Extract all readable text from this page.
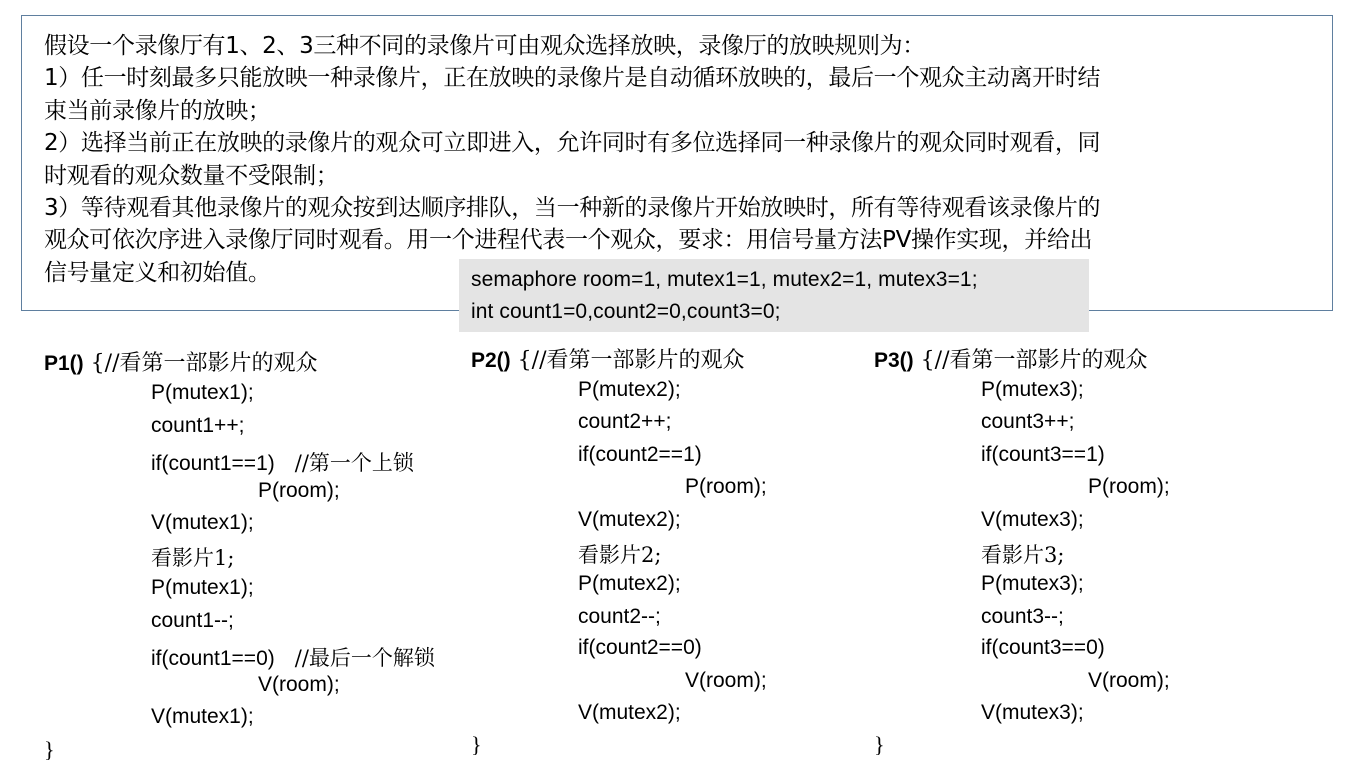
假设一个录像厅有1、2、3三种不同的录像片可由观众选择放映，录像厅的放映规则为：
1）任一时刻最多只能放映一种录像片，正在放映的录像片是自动循环放映的，最后一个观众主动离开时结
束当前录像片的放映；
2）选择当前正在放映的录像片的观众可立即进入，允许同时有多位选择同一种录像片的观众同时观看，同
时观看的观众数量不受限制；
3）等待观看其他录像片的观众按到达顺序排队，当一种新的录像片开始放映时，所有等待观看该录像片的
观众可依次序进入录像厅同时观看。用一个进程代表一个观众，要求：用信号量方法PV操作实现，并给出
信号量定义和初始值。	semaphore room=1, mutex1=1, mutex2=1, mutex3=1;
int count1=0,count2=0,count3=0;
P1() {//看第一部影片的观众
P(mutex1);
count1++;
if(count1==1) //第一个上锁
P(room);
V(mutex1);
看影片1;
P(mutex1);
count1--;
if(count1==0) //最后一个解锁
V(room);
V(mutex1);
}
P2() {//看第一部影片的观众
P(mutex2);
count2++;
if(count2==1)
P(room);
V(mutex2);
看影片2;
P(mutex2);
count2--;
if(count2==0)
V(room);
V(mutex2);
}
P3() {//看第一部影片的观众
P(mutex3);
count3++;
if(count3==1)
P(room);
V(mutex3);
看影片3;
P(mutex3);
count3--;
if(count3==0)
V(room);
V(mutex3);
}
